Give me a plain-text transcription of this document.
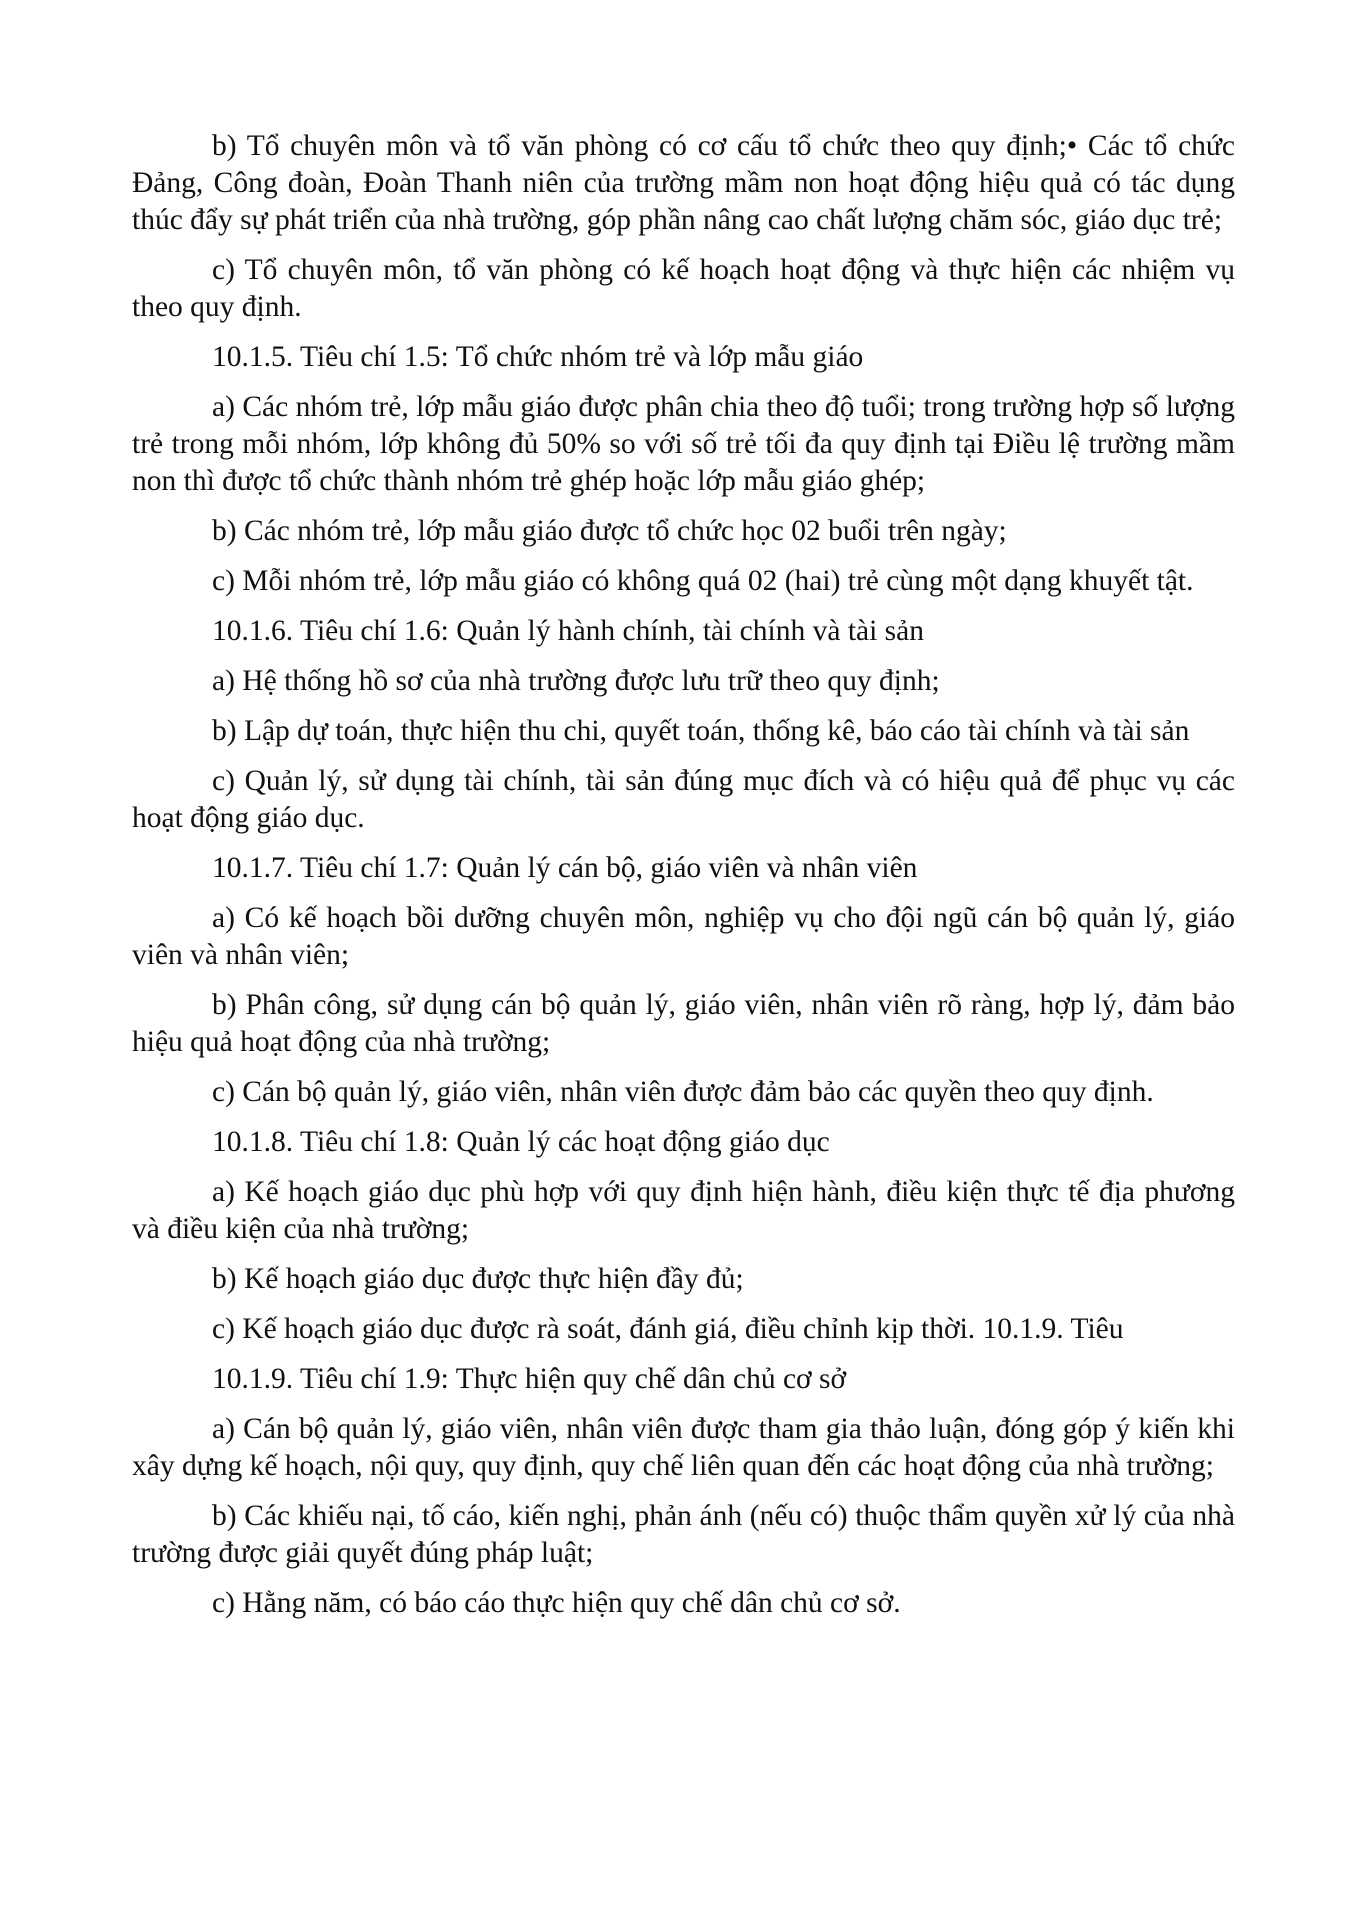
b) Tổ chuyên môn và tổ văn phòng có cơ cấu tổ chức theo quy định;• Các tổ chức Đảng, Công đoàn, Đoàn Thanh niên của trường mầm non hoạt động hiệu quả có tác dụng thúc đẩy sự phát triển của nhà trường, góp phần nâng cao chất lượng chăm sóc, giáo dục trẻ;

c) Tổ chuyên môn, tổ văn phòng có kế hoạch hoạt động và thực hiện các nhiệm vụ theo quy định.

10.1.5. Tiêu chí 1.5: Tổ chức nhóm trẻ và lớp mẫu giáo

a) Các nhóm trẻ, lớp mẫu giáo được phân chia theo độ tuổi; trong trường hợp số lượng trẻ trong mỗi nhóm, lớp không đủ 50% so với số trẻ tối đa quy định tại Điều lệ trường mầm non thì được tổ chức thành nhóm trẻ ghép hoặc lớp mẫu giáo ghép;

b) Các nhóm trẻ, lớp mẫu giáo được tổ chức học 02 buổi trên ngày;

c) Mỗi nhóm trẻ, lớp mẫu giáo có không quá 02 (hai) trẻ cùng một dạng khuyết tật.

10.1.6. Tiêu chí 1.6: Quản lý hành chính, tài chính và tài sản

a) Hệ thống hồ sơ của nhà trường được lưu trữ theo quy định;

b) Lập dự toán, thực hiện thu chi, quyết toán, thống kê, báo cáo tài chính và tài sản

c) Quản lý, sử dụng tài chính, tài sản đúng mục đích và có hiệu quả để phục vụ các hoạt động giáo dục.

10.1.7. Tiêu chí 1.7: Quản lý cán bộ, giáo viên và nhân viên

a) Có kế hoạch bồi dưỡng chuyên môn, nghiệp vụ cho đội ngũ cán bộ quản lý, giáo viên và nhân viên;

b) Phân công, sử dụng cán bộ quản lý, giáo viên, nhân viên rõ ràng, hợp lý, đảm bảo hiệu quả hoạt động của nhà trường;

c) Cán bộ quản lý, giáo viên, nhân viên được đảm bảo các quyền theo quy định.

10.1.8. Tiêu chí 1.8: Quản lý các hoạt động giáo dục

a) Kế hoạch giáo dục phù hợp với quy định hiện hành, điều kiện thực tế địa phương và điều kiện của nhà trường;

b) Kế hoạch giáo dục được thực hiện đầy đủ;

c) Kế hoạch giáo dục được rà soát, đánh giá, điều chỉnh kịp thời. 10.1.9. Tiêu

10.1.9. Tiêu chí 1.9: Thực hiện quy chế dân chủ cơ sở

a) Cán bộ quản lý, giáo viên, nhân viên được tham gia thảo luận, đóng góp ý kiến khi xây dựng kế hoạch, nội quy, quy định, quy chế liên quan đến các hoạt động của nhà trường;

b) Các khiếu nại, tố cáo, kiến nghị, phản ánh (nếu có) thuộc thẩm quyền xử lý của nhà trường được giải quyết đúng pháp luật;

c) Hằng năm, có báo cáo thực hiện quy chế dân chủ cơ sở.
